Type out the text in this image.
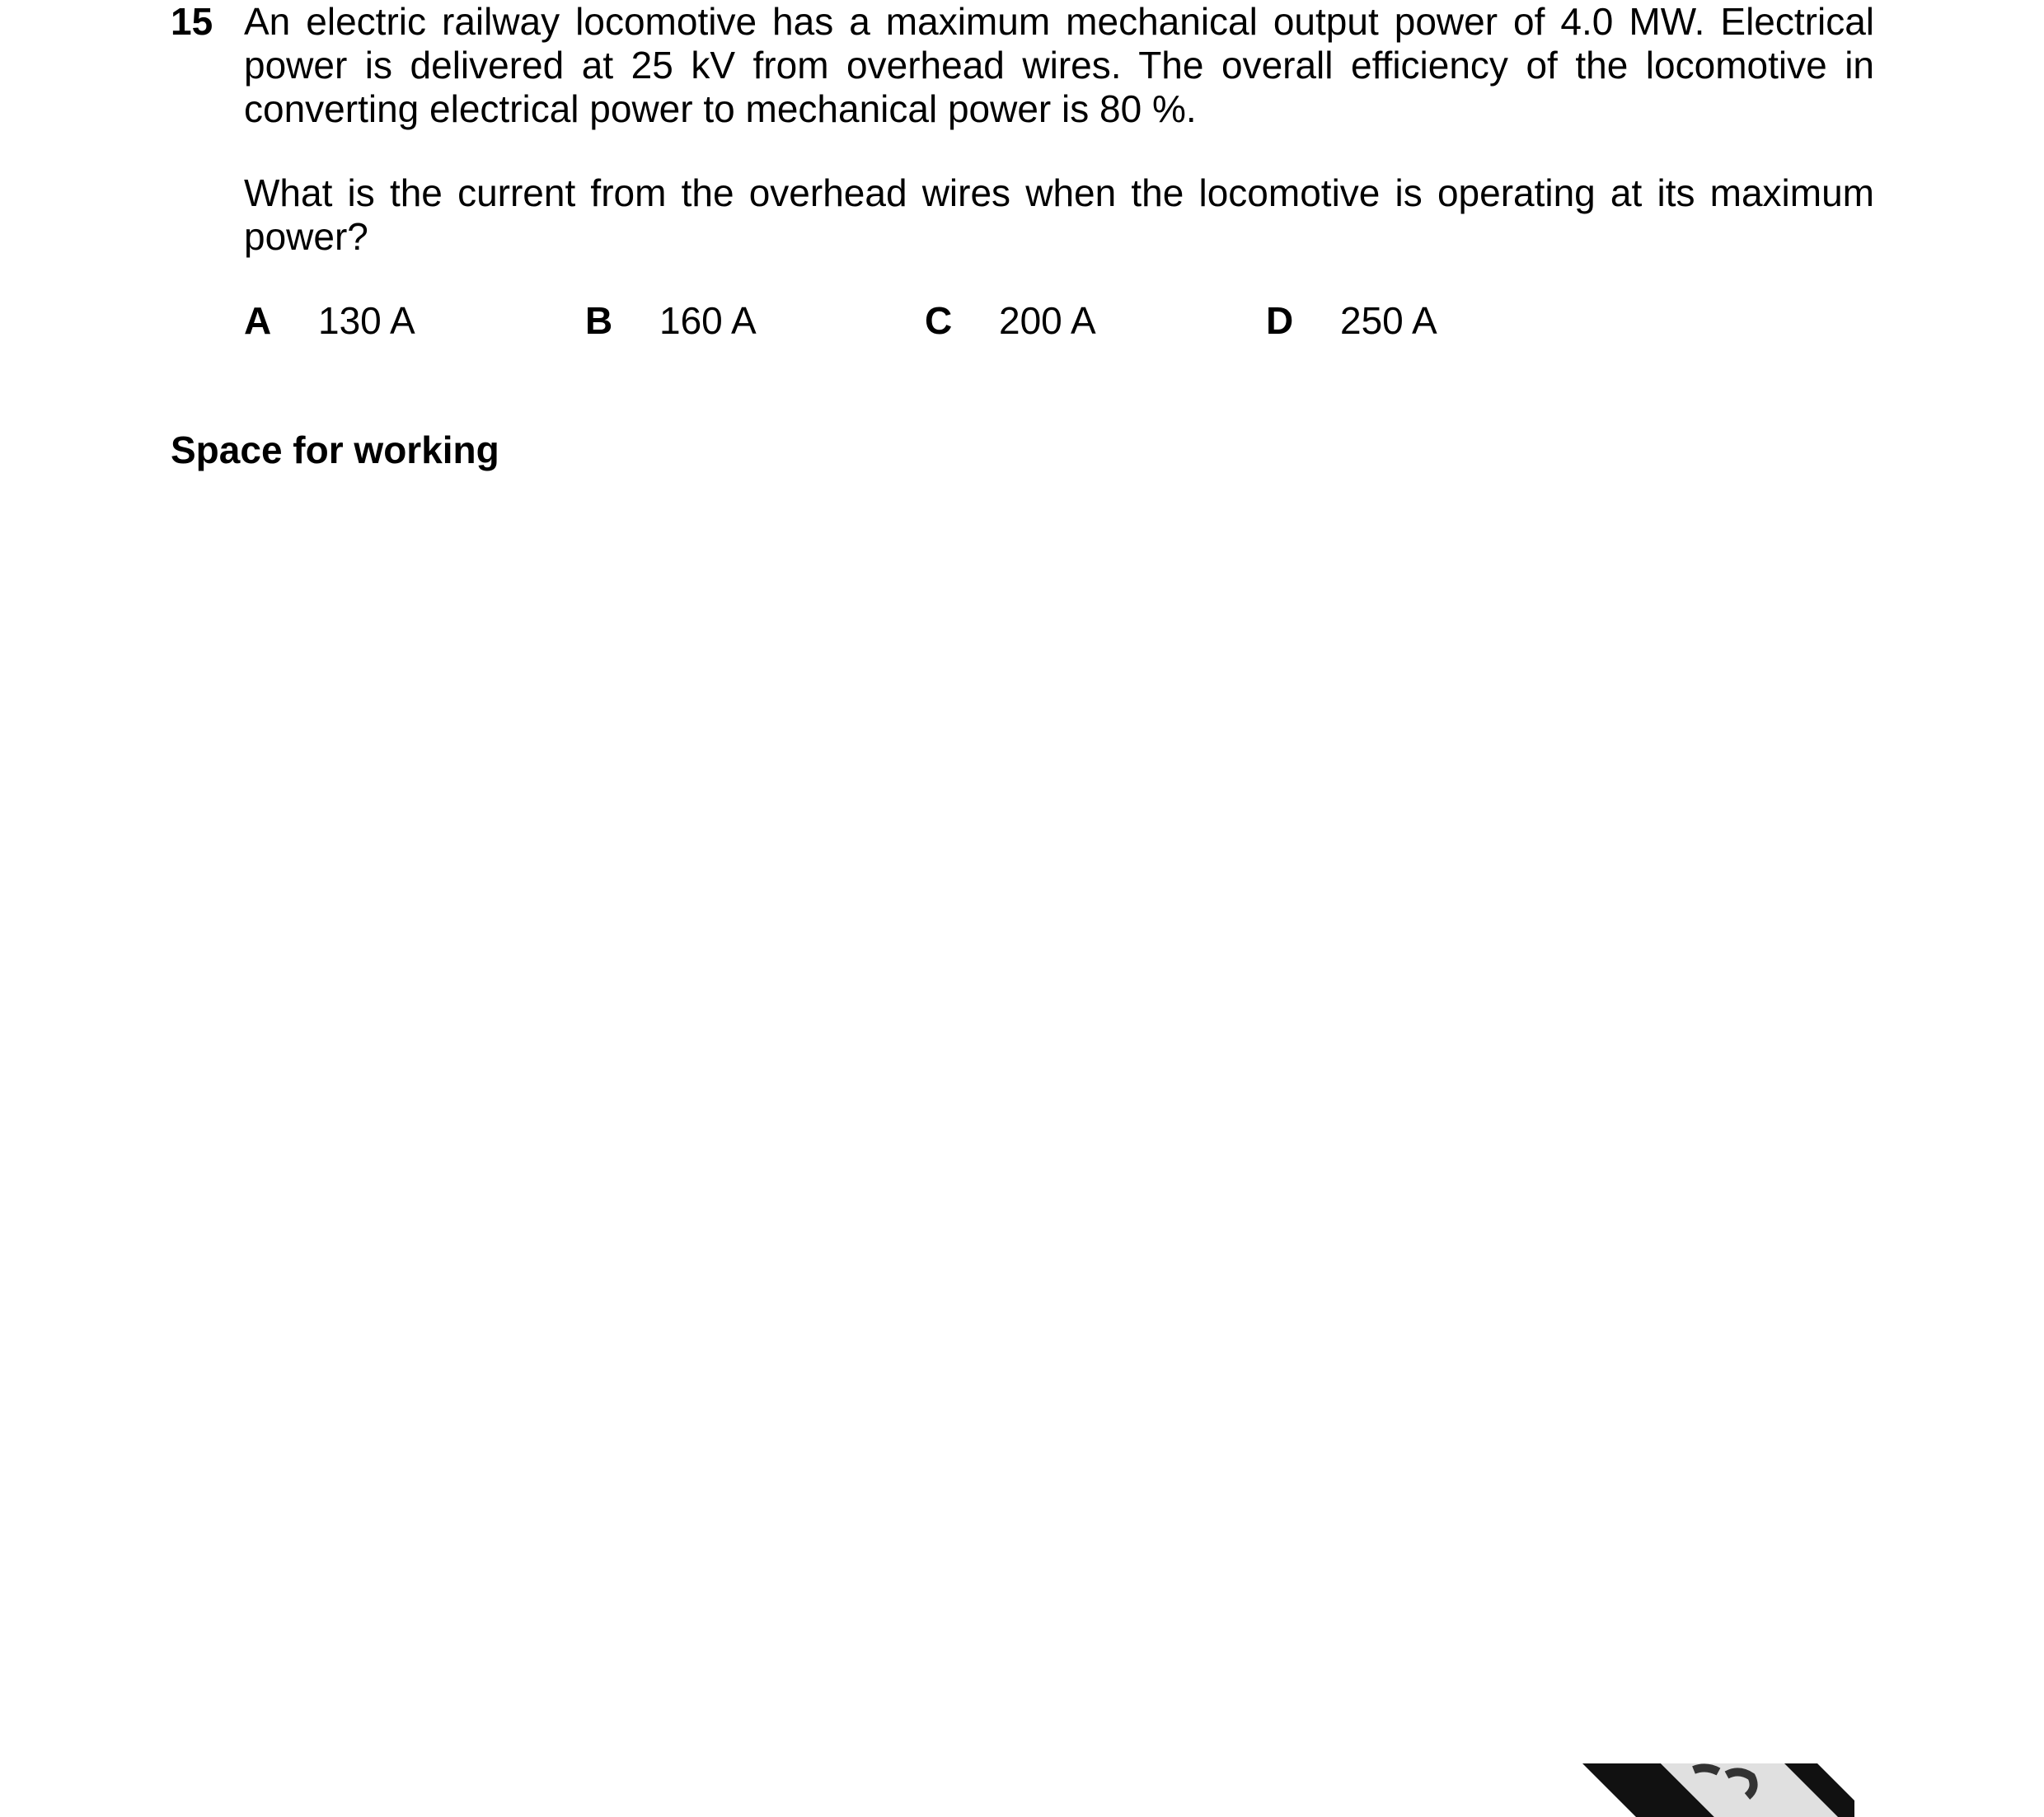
15 An electric railway locomotive has a maximum mechanical output power of 4.0 MW. Electrical power is delivered at 25 kV from overhead wires. The overall efficiency of the locomotive in converting electrical power to mechanical power is 80 %.

What is the current from the overhead wires when the locomotive is operating at its maximum power?

A 130 A	B 160 A	C 200 A	D 250 A
Space for working
